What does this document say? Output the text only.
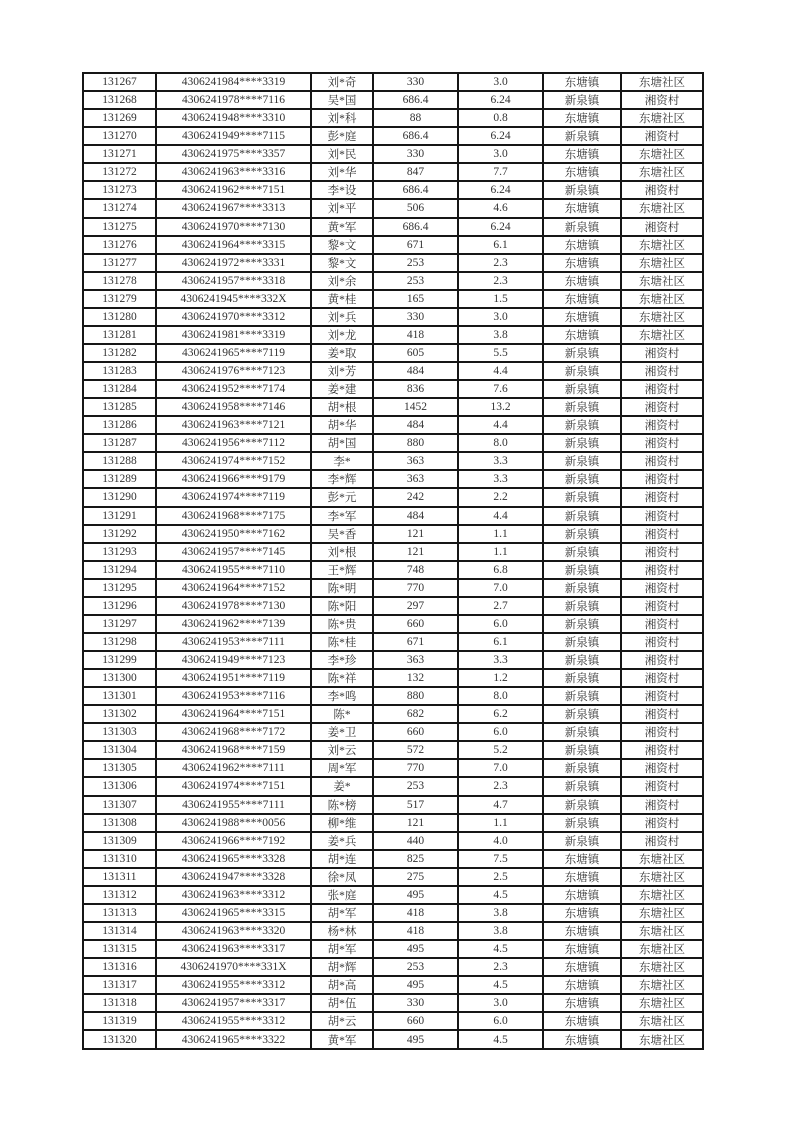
131267	4306241984****3319	刘*奇	330	3.0	东塘镇	东塘社区
131268	4306241978****7116	吴*国	686.4	6.24	新泉镇	湘资村
131269	4306241948****3310	刘*科	88	0.8	东塘镇	东塘社区
131270	4306241949****7115	彭*庭	686.4	6.24	新泉镇	湘资村
131271	4306241975****3357	刘*民	330	3.0	东塘镇	东塘社区
131272	4306241963****3316	刘*华	847	7.7	东塘镇	东塘社区
131273	4306241962****7151	李*设	686.4	6.24	新泉镇	湘资村
131274	4306241967****3313	刘*平	506	4.6	东塘镇	东塘社区
131275	4306241970****7130	黄*军	686.4	6.24	新泉镇	湘资村
131276	4306241964****3315	黎*文	671	6.1	东塘镇	东塘社区
131277	4306241972****3331	黎*文	253	2.3	东塘镇	东塘社区
131278	4306241957****3318	刘*余	253	2.3	东塘镇	东塘社区
131279	4306241945****332X	黄*桂	165	1.5	东塘镇	东塘社区
131280	4306241970****3312	刘*兵	330	3.0	东塘镇	东塘社区
131281	4306241981****3319	刘*龙	418	3.8	东塘镇	东塘社区
131282	4306241965****7119	姜*取	605	5.5	新泉镇	湘资村
131283	4306241976****7123	刘*芳	484	4.4	新泉镇	湘资村
131284	4306241952****7174	姜*建	836	7.6	新泉镇	湘资村
131285	4306241958****7146	胡*根	1452	13.2	新泉镇	湘资村
131286	4306241963****7121	胡*华	484	4.4	新泉镇	湘资村
131287	4306241956****7112	胡*国	880	8.0	新泉镇	湘资村
131288	4306241974****7152	李*	363	3.3	新泉镇	湘资村
131289	4306241966****9179	李*辉	363	3.3	新泉镇	湘资村
131290	4306241974****7119	彭*元	242	2.2	新泉镇	湘资村
131291	4306241968****7175	李*军	484	4.4	新泉镇	湘资村
131292	4306241950****7162	吴*香	121	1.1	新泉镇	湘资村
131293	4306241957****7145	刘*根	121	1.1	新泉镇	湘资村
131294	4306241955****7110	王*辉	748	6.8	新泉镇	湘资村
131295	4306241964****7152	陈*明	770	7.0	新泉镇	湘资村
131296	4306241978****7130	陈*阳	297	2.7	新泉镇	湘资村
131297	4306241962****7139	陈*贵	660	6.0	新泉镇	湘资村
131298	4306241953****7111	陈*桂	671	6.1	新泉镇	湘资村
131299	4306241949****7123	李*珍	363	3.3	新泉镇	湘资村
131300	4306241951****7119	陈*祥	132	1.2	新泉镇	湘资村
131301	4306241953****7116	李*鸣	880	8.0	新泉镇	湘资村
131302	4306241964****7151	陈*	682	6.2	新泉镇	湘资村
131303	4306241968****7172	姜*卫	660	6.0	新泉镇	湘资村
131304	4306241968****7159	刘*云	572	5.2	新泉镇	湘资村
131305	4306241962****7111	周*军	770	7.0	新泉镇	湘资村
131306	4306241974****7151	姜*	253	2.3	新泉镇	湘资村
131307	4306241955****7111	陈*榜	517	4.7	新泉镇	湘资村
131308	4306241988****0056	柳*维	121	1.1	新泉镇	湘资村
131309	4306241966****7192	姜*兵	440	4.0	新泉镇	湘资村
131310	4306241965****3328	胡*连	825	7.5	东塘镇	东塘社区
131311	4306241947****3328	徐*凤	275	2.5	东塘镇	东塘社区
131312	4306241963****3312	张*庭	495	4.5	东塘镇	东塘社区
131313	4306241965****3315	胡*军	418	3.8	东塘镇	东塘社区
131314	4306241963****3320	杨*林	418	3.8	东塘镇	东塘社区
131315	4306241963****3317	胡*军	495	4.5	东塘镇	东塘社区
131316	4306241970****331X	胡*辉	253	2.3	东塘镇	东塘社区
131317	4306241955****3312	胡*高	495	4.5	东塘镇	东塘社区
131318	4306241957****3317	胡*伍	330	3.0	东塘镇	东塘社区
131319	4306241955****3312	胡*云	660	6.0	东塘镇	东塘社区
131320	4306241965****3322	黄*军	495	4.5	东塘镇	东塘社区
